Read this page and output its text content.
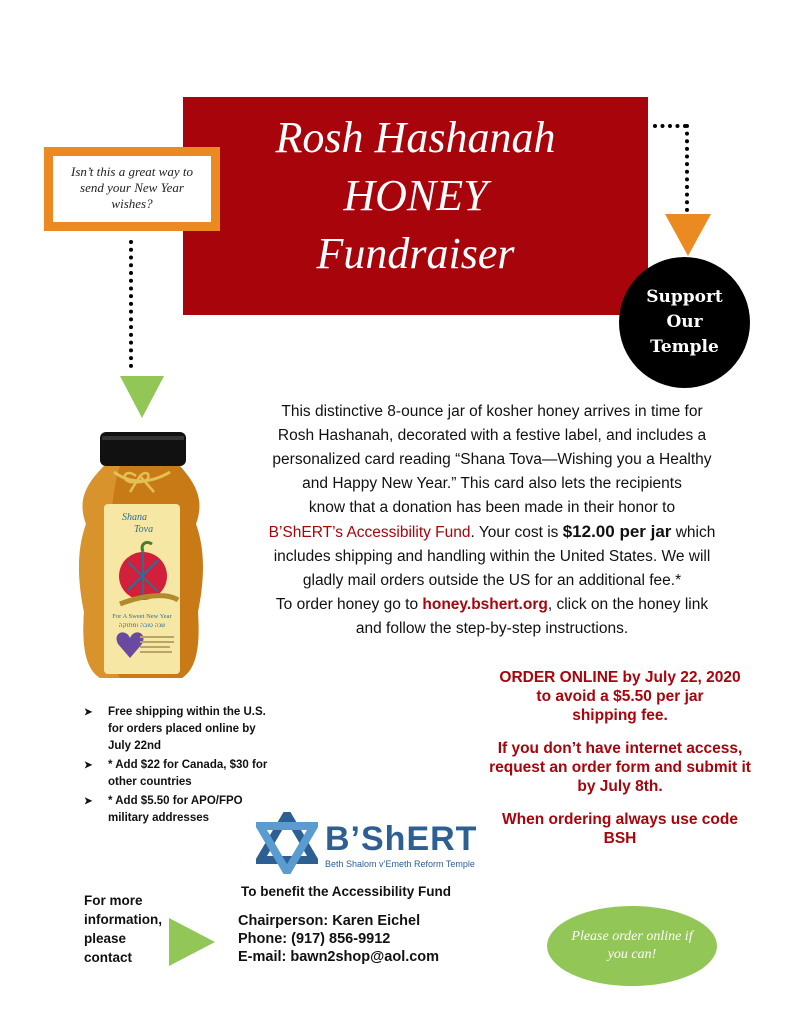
Rosh Hashanah
HONEY
Fundraiser
Isn’t this a great way to
send your New Year
wishes?
Support
Our
Temple
Shana
Tova
For A Sweet New Year
שנה טובה ומתוקה
This distinctive 8-ounce jar of kosher honey arrives in time for
Rosh Hashanah, decorated with a festive label, and includes a
personalized card reading “Shana Tova—Wishing you a Healthy
and Happy New Year.” This card also lets the recipients
know that a donation has been made in their honor to
B’ShERT’s Accessibility Fund. Your cost is $12.00 per jar which
includes shipping and handling within the United States. We will
gladly mail orders outside the US for an additional fee.*
To order honey go to honey.bshert.org, click on the honey link
and follow the step-by-step instructions.
ORDER ONLINE by July 22, 2020
to avoid a $5.50 per jar
shipping fee.
If you don’t have internet access,
request an order form and submit it
by July 8th.
When ordering always use code
BSH
➤ Free shipping within the U.S. for orders placed online by July 22nd
➤ * Add $22 for Canada, $30 for other countries
➤ * Add $5.50 for APO/FPO military addresses
B’ShERT
Beth Shalom v’Emeth Reform Temple
To benefit the Accessibility Fund
For more
information,
please
contact
Chairperson: Karen Eichel
Phone: (917) 856-9912
E-mail: bawn2shop@aol.com
Please order online if
you can!
